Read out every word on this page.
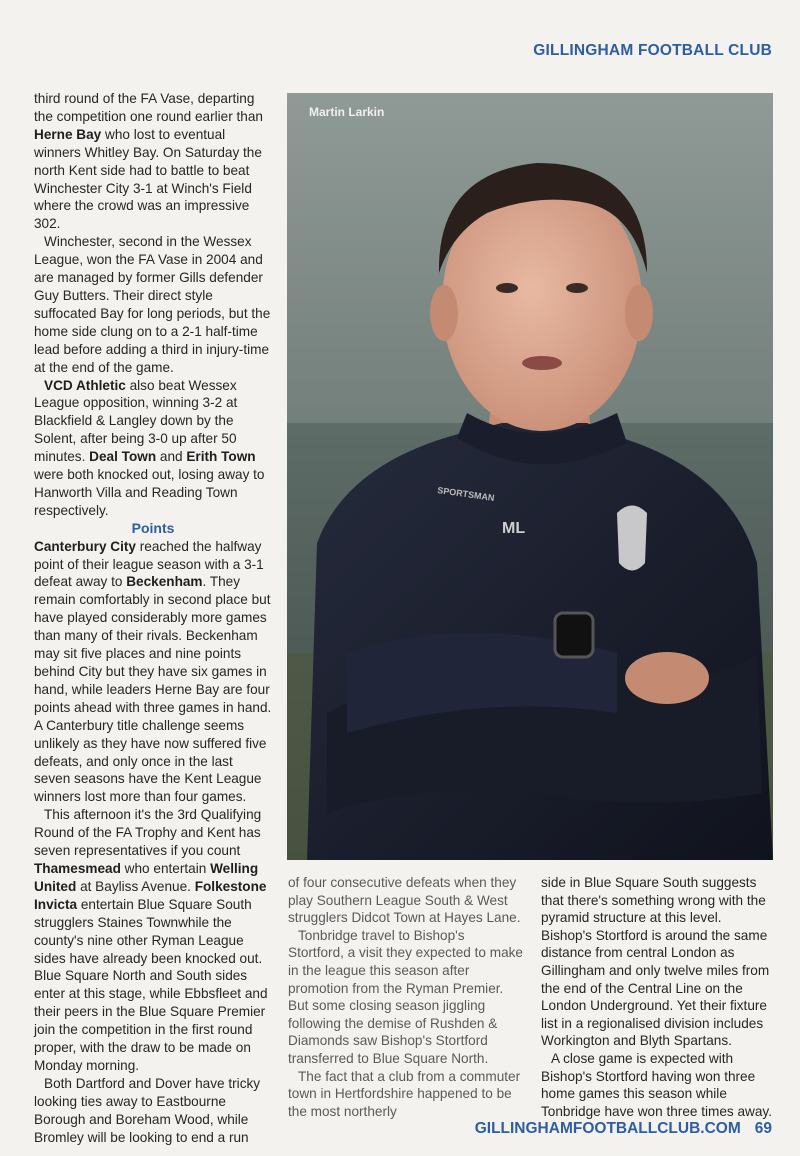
GILLINGHAM FOOTBALL CLUB

third round of the FA Vase, departing the competition one round earlier than Herne Bay who lost to eventual winners Whitley Bay. On Saturday the north Kent side had to battle to beat Winchester City 3-1 at Winch's Field where the crowd was an impressive 302.

Winchester, second in the Wessex League, won the FA Vase in 2004 and are managed by former Gills defender Guy Butters. Their direct style suffocated Bay for long periods, but the home side clung on to a 2-1 half-time lead before adding a third in injury-time at the end of the game.

VCD Athletic also beat Wessex League opposition, winning 3-2 at Blackfield & Langley down by the Solent, after being 3-0 up after 50 minutes. Deal Town and Erith Town were both knocked out, losing away to Hanworth Villa and Reading Town respectively.

Points

Canterbury City reached the halfway point of their league season with a 3-1 defeat away to Beckenham. They remain comfortably in second place but have played considerably more games than many of their rivals. Beckenham may sit five places and nine points behind City but they have six games in hand, while leaders Herne Bay are four points ahead with three games in hand. A Canterbury title challenge seems unlikely as they have now suffered five defeats, and only once in the last seven seasons have the Kent League winners lost more than four games.

This afternoon it's the 3rd Qualifying Round of the FA Trophy and Kent has seven representatives if you count Thamesmead who entertain Welling United at Bayliss Avenue. Folkestone Invicta entertain Blue Square South strugglers Staines Townwhile the county's nine other Ryman League sides have already been knocked out. Blue Square North and South sides enter at this stage, while Ebbsfleet and their peers in the Blue Square Premier join the competition in the first round proper, with the draw to be made on Monday morning.

Both Dartford and Dover have tricky looking ties away to Eastbourne Borough and Boreham Wood, while Bromley will be looking to end a run

ML
SPORTSMAN
Martin Larkin

of four consecutive defeats when they play Southern League South & West strugglers Didcot Town at Hayes Lane.

Tonbridge travel to Bishop's Stortford, a visit they expected to make in the league this season after promotion from the Ryman Premier. But some closing season jiggling following the demise of Rushden & Diamonds saw Bishop's Stortford transferred to Blue Square North.

The fact that a club from a commuter town in Hertfordshire happened to be the most northerly

side in Blue Square South suggests that there's something wrong with the pyramid structure at this level. Bishop's Stortford is around the same distance from central London as Gillingham and only twelve miles from the end of the Central Line on the London Underground. Yet their fixture list in a regionalised division includes Workington and Blyth Spartans.

A close game is expected with Bishop's Stortford having won three home games this season while Tonbridge have won three times away.

GILLINGHAMFOOTBALLCLUB.COM 69
